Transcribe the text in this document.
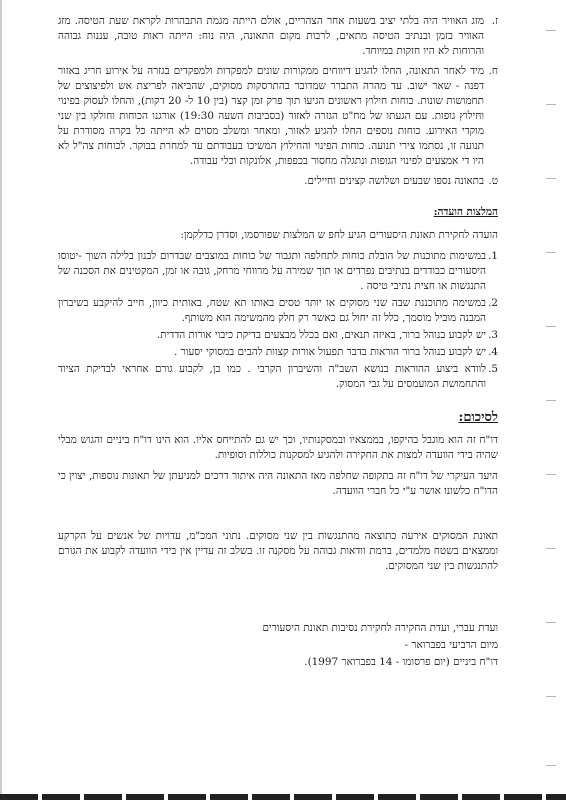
ז.
מזג האוויר היה בלתי יציב בשעות אחר הצהריים, אולם הייתה מגמת התבהרות לקראת שעת הטיסה. מזג האוויר בזמן ובנתיב הטיסה מתאים, לרבות מקום התאונה, היה נוח: הייתה ראות טובה, עננות גבוהה והרוחות לא היו חזקות במיוחד.
ח.
מיד לאחר התאונה, החלו להגיע דיווחים ממקורות שונים למפקדות ולמפקדים בגזרה על אירוע חריג באזור דפנה - שאר ישוב. עד מהרה התברר שמדובר בהתרסקות מסוקים, שהביאה לפריצת אש ולפיצוצים של תחמושות שונות. כוחות חילוץ ראשונים הגיעו תוך פרק זמן קצר (בין 10 ל- 20 דקות), והחלו לעסוק בפינוי וחילוץ גופות. עם הגעתו של מח"ט הגזרה לאזור (בסביבות השעה 19:30) אורגנו הכוחות וחולקו בין שני מוקדי האירוע. כוחות נוספים החלו להגיע לאזור, ומאחר ומשלב מסוים לא הייתה כל בקרה מסודרת על תנועה זו, נסתמו צירי תנועה. כוחות הפינוי והחילוץ המשיכו בעבודתם עד למחרת בבוקר. לכוחות צה"ל לא היו די אמצעים לפינוי הגופות ונתגלה מחסור בכפפות, אלונקות וכלי עבודה.
ט.
בתאונה נספו שבעים ושלושה קצינים וחיילים.
המלצות הועדה:

הועדה לחקירת תאונת היסעורים הגיע לחפ ש המלצות שפורסמו, וסדרן כדלקמן:

1.
במשימות מתוכנות של הובלת כוחות לתחלפה ותגבור של כוחות במוצבים שבדרום לבנון בלילה השוך -יטוסו היסעורים כבודדים בנתיבים נפרדים או תוך שמירה על מרווחי מרחק, גובה או זמן, המקטינים את הסכנה של התנגשות או חצית נתיבי טיסה .
2.
במשימה מתוכננת שבה שני מסוקים או יותר טסים באותו תא שטח, באותית כיוון, חייב להיקבע בשיברון המבנה מוביל מוסמך, כלל זה יחול גם כאשר רק חלק מהמשימה הוא משותף.
3.
יש לקבוע בנוהל ברור, באיזה תנאים, ואם בכלל מבצעים בדיקת כיבוי אורות הדדית.
4.
יש לקבוע בנוהל ברור הוראות בדבר תפעול אורות קצוות להבים במסוקי יסעור .
5.
לוודא ביצוע ההוראות בנושא השב"ה והשיברון הקרבי . כמו כן, לקבוע גורם אחראי לבדיקת הציוד והתחמושת המועמסים על גבי המסוק.
לסיכום:

דו"ח זה הוא מוגבל בהיקפו, בממצאיו ובמסקנותיו, וכך יש גם להתייחס אליו. הוא הינו דו"ח ביניים והגוש מבלי שהיה בידי הוועדה למצות את החקירה ולהגיע למסקנות כוללות וסופיות.

היעד העיקרי של דו"ח זה בתקופה שחלפה מאז התאונה היה איתור דרכים למניעתן של תאונות נוספות, יצוין כי הדו"ח כלשונו אושר ע"י כל חברי הוועדה.

תאונת המסוקים אירעה כתוצאה מהתנגשות בין שני מסוקים. נתוני המכ"מ, עדויות של אנשים על הקרקע וממצאים בשטח מלמדים, ברמת וודאות גבוהה על מסקנה זו. בשלב זה עדיין אין בידי הוועדה לקבוע את הגורם להתנגשות בין שני המסוקים.

ועדת עברי, ועדת החקירה לחקירת נסיבות תאונת היסעורים
מיום הרביעי בפברואר -
דו"ח ביניים (יום פרסומו - 14 בפברואר 1997).
